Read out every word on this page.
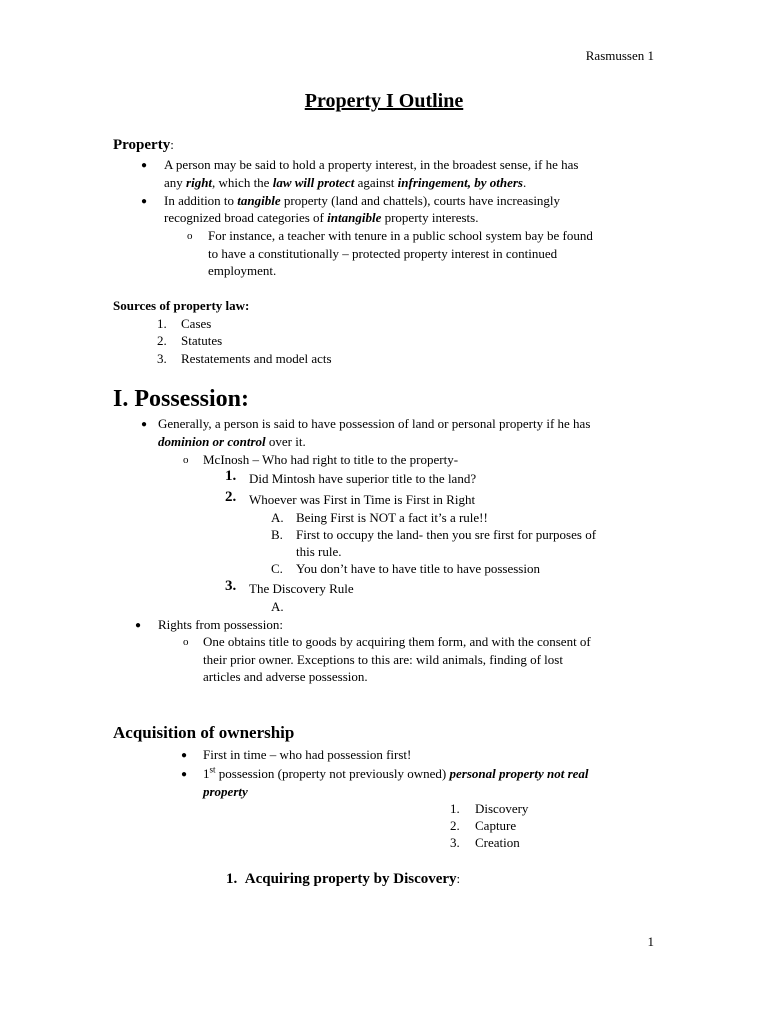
Rasmussen 1
Property I Outline
Property:
● A person may be said to hold a property interest, in the broadest sense, if he has
any right, which the law will protect against infringement, by others.
● In addition to tangible property (land and chattels), courts have increasingly
recognized broad categories of intangible property interests.
o For instance, a teacher with tenure in a public school system bay be found
to have a constitutionally – protected property interest in continued
employment.
Sources of property law:
1. Cases
2. Statutes
3. Restatements and model acts
I. Possession:
● Generally, a person is said to have possession of land or personal property if he has
dominion or control over it.
o McInosh – Who had right to title to the property-
1. Did Mintosh have superior title to the land?
2. Whoever was First in Time is First in Right
A. Being First is NOT a fact it’s a rule!!
B. First to occupy the land- then you sre first for purposes of
this rule.
C. You don’t have to have title to have possession
3. The Discovery Rule
A.
● Rights from possession:
o One obtains title to goods by acquiring them form, and with the consent of
their prior owner. Exceptions to this are: wild animals, finding of lost
articles and adverse possession.
Acquisition of ownership
● First in time – who had possession first!
● 1st possession (property not previously owned) personal property not real
property
1. Discovery
2. Capture
3. Creation
1. Acquiring property by Discovery:
1
